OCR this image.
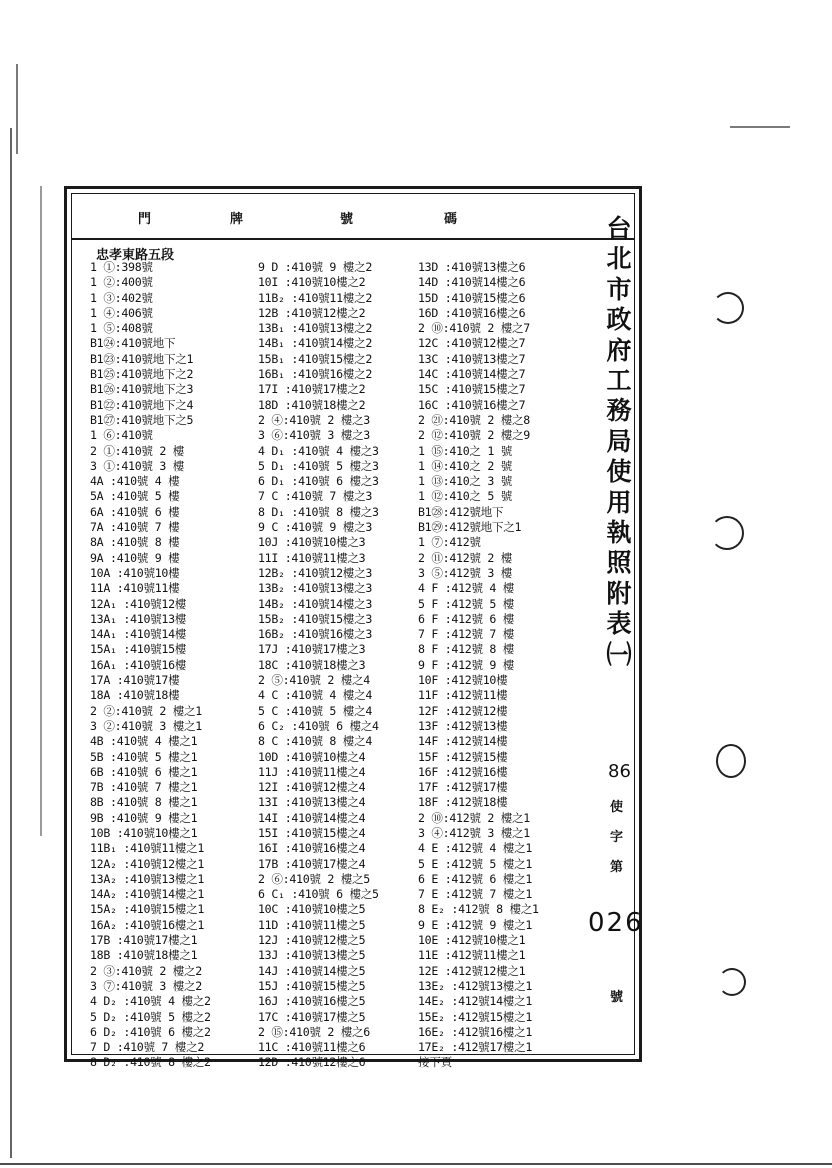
門	牌	號	碼
忠孝東路五段
1 ①:398號
1 ②:400號
1 ③:402號
1 ④:406號
1 ⑤:408號
B1㉔:410號地下
B1㉓:410號地下之1
B1㉕:410號地下之2
B1㉖:410號地下之3
B1㉒:410號地下之4
B1㉗:410號地下之5
1 ⑥:410號
2 ①:410號 2 樓
3 ①:410號 3 樓
4A :410號 4 樓
5A :410號 5 樓
6A :410號 6 樓
7A :410號 7 樓
8A :410號 8 樓
9A :410號 9 樓
10A :410號10樓
11A :410號11樓
12A₁ :410號12樓
13A₁ :410號13樓
14A₁ :410號14樓
15A₁ :410號15樓
16A₁ :410號16樓
17A :410號17樓
18A :410號18樓
2 ②:410號 2 樓之1
3 ②:410號 3 樓之1
4B :410號 4 樓之1
5B :410號 5 樓之1
6B :410號 6 樓之1
7B :410號 7 樓之1
8B :410號 8 樓之1
9B :410號 9 樓之1
10B :410號10樓之1
11B₁ :410號11樓之1
12A₂ :410號12樓之1
13A₂ :410號13樓之1
14A₂ :410號14樓之1
15A₂ :410號15樓之1
16A₂ :410號16樓之1
17B :410號17樓之1
18B :410號18樓之1
2 ③:410號 2 樓之2
3 ⑦:410號 3 樓之2
4 D₂ :410號 4 樓之2
5 D₂ :410號 5 樓之2
6 D₂ :410號 6 樓之2
7 D :410號 7 樓之2
8 D₂ :410號 8 樓之2
9 D :410號 9 樓之2
10I :410號10樓之2
11B₂ :410號11樓之2
12B :410號12樓之2
13B₁ :410號13樓之2
14B₁ :410號14樓之2
15B₁ :410號15樓之2
16B₁ :410號16樓之2
17I :410號17樓之2
18D :410號18樓之2
2 ④:410號 2 樓之3
3 ⑥:410號 3 樓之3
4 D₁ :410號 4 樓之3
5 D₁ :410號 5 樓之3
6 D₁ :410號 6 樓之3
7 C :410號 7 樓之3
8 D₁ :410號 8 樓之3
9 C :410號 9 樓之3
10J :410號10樓之3
11I :410號11樓之3
12B₂ :410號12樓之3
13B₂ :410號13樓之3
14B₂ :410號14樓之3
15B₂ :410號15樓之3
16B₂ :410號16樓之3
17J :410號17樓之3
18C :410號18樓之3
2 ⑤:410號 2 樓之4
4 C :410號 4 樓之4
5 C :410號 5 樓之4
6 C₂ :410號 6 樓之4
8 C :410號 8 樓之4
10D :410號10樓之4
11J :410號11樓之4
12I :410號12樓之4
13I :410號13樓之4
14I :410號14樓之4
15I :410號15樓之4
16I :410號16樓之4
17B :410號17樓之4
2 ⑥:410號 2 樓之5
6 C₁ :410號 6 樓之5
10C :410號10樓之5
11D :410號11樓之5
12J :410號12樓之5
13J :410號13樓之5
14J :410號14樓之5
15J :410號15樓之5
16J :410號16樓之5
17C :410號17樓之5
2 ⑮:410號 2 樓之6
11C :410號11樓之6
12D :410號12樓之6
13D :410號13樓之6
14D :410號14樓之6
15D :410號15樓之6
16D :410號16樓之6
2 ⑩:410號 2 樓之7
12C :410號12樓之7
13C :410號13樓之7
14C :410號14樓之7
15C :410號15樓之7
16C :410號16樓之7
2 ㉑:410號 2 樓之8
2 ⑫:410號 2 樓之9
1 ⑮:410之 1 號
1 ⑭:410之 2 號
1 ⑬:410之 3 號
1 ⑫:410之 5 號
B1㉘:412號地下
B1㉙:412號地下之1
1 ⑦:412號
2 ⑪:412號 2 樓
3 ⑤:412號 3 樓
4 F :412號 4 樓
5 F :412號 5 樓
6 F :412號 6 樓
7 F :412號 7 樓
8 F :412號 8 樓
9 F :412號 9 樓
10F :412號10樓
11F :412號11樓
12F :412號12樓
13F :412號13樓
14F :412號14樓
15F :412號15樓
16F :412號16樓
17F :412號17樓
18F :412號18樓
2 ⑩:412號 2 樓之1
3 ④:412號 3 樓之1
4 E :412號 4 樓之1
5 E :412號 5 樓之1
6 E :412號 6 樓之1
7 E :412號 7 樓之1
8 E₂ :412號 8 樓之1
9 E :412號 9 樓之1
10E :412號10樓之1
11E :412號11樓之1
12E :412號12樓之1
13E₂ :412號13樓之1
14E₂ :412號14樓之1
15E₂ :412號15樓之1
16E₂ :412號16樓之1
17E₂ :412號17樓之1
接下頁
台
北
市
政
府
工
務
局
使
用
執
照
附
表
㈠
86
使
字
第
026
號
